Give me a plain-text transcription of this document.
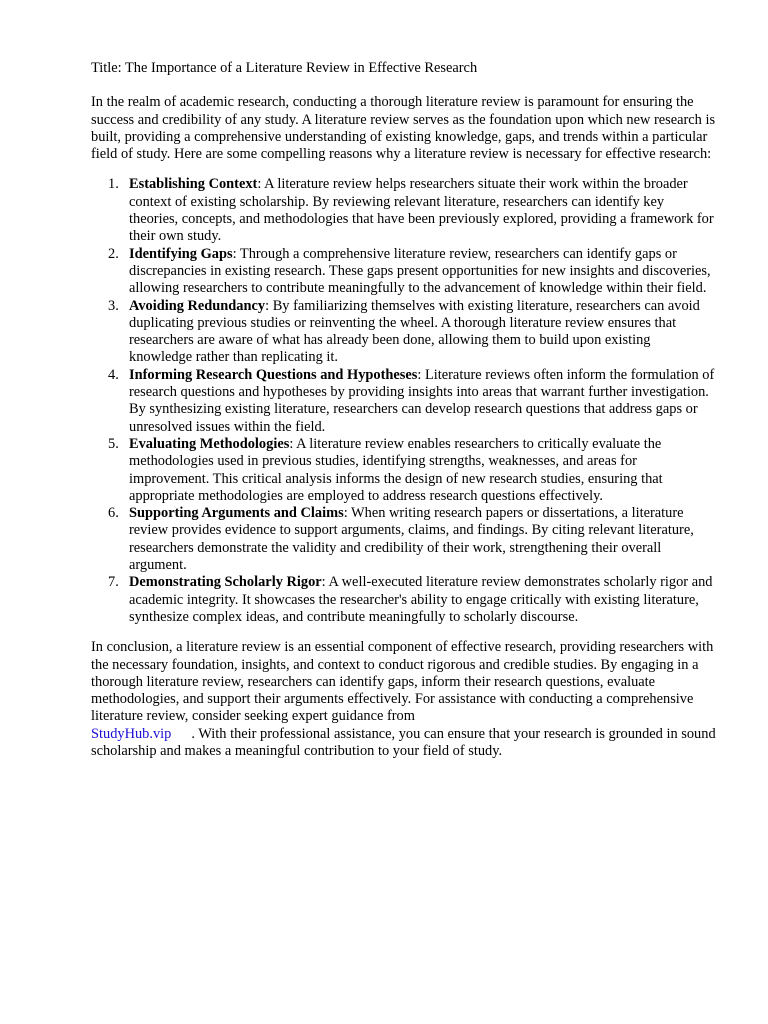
Title: The Importance of a Literature Review in Effective Research

In the realm of academic research, conducting a thorough literature review is paramount for ensuring the success and credibility of any study. A literature review serves as the foundation upon which new research is built, providing a comprehensive understanding of existing knowledge, gaps, and trends within a particular field of study. Here are some compelling reasons why a literature review is necessary for effective research:

1. Establishing Context: A literature review helps researchers situate their work within the broader context of existing scholarship. By reviewing relevant literature, researchers can identify key theories, concepts, and methodologies that have been previously explored, providing a framework for their own study.
2. Identifying Gaps: Through a comprehensive literature review, researchers can identify gaps or discrepancies in existing research. These gaps present opportunities for new insights and discoveries, allowing researchers to contribute meaningfully to the advancement of knowledge within their field.
3. Avoiding Redundancy: By familiarizing themselves with existing literature, researchers can avoid duplicating previous studies or reinventing the wheel. A thorough literature review ensures that researchers are aware of what has already been done, allowing them to build upon existing knowledge rather than replicating it.
4. Informing Research Questions and Hypotheses: Literature reviews often inform the formulation of research questions and hypotheses by providing insights into areas that warrant further investigation. By synthesizing existing literature, researchers can develop research questions that address gaps or unresolved issues within the field.
5. Evaluating Methodologies: A literature review enables researchers to critically evaluate the methodologies used in previous studies, identifying strengths, weaknesses, and areas for improvement. This critical analysis informs the design of new research studies, ensuring that appropriate methodologies are employed to address research questions effectively.
6. Supporting Arguments and Claims: When writing research papers or dissertations, a literature review provides evidence to support arguments, claims, and findings. By citing relevant literature, researchers demonstrate the validity and credibility of their work, strengthening their overall argument.
7. Demonstrating Scholarly Rigor: A well-executed literature review demonstrates scholarly rigor and academic integrity. It showcases the researcher's ability to engage critically with existing literature, synthesize complex ideas, and contribute meaningfully to scholarly discourse.

In conclusion, a literature review is an essential component of effective research, providing researchers with the necessary foundation, insights, and context to conduct rigorous and credible studies. By engaging in a thorough literature review, researchers can identify gaps, inform their research questions, evaluate methodologies, and support their arguments effectively. For assistance with conducting a comprehensive literature review, consider seeking expert guidance from
StudyHub.vip . With their professional assistance, you can ensure that your research is grounded in sound scholarship and makes a meaningful contribution to your field of study.
